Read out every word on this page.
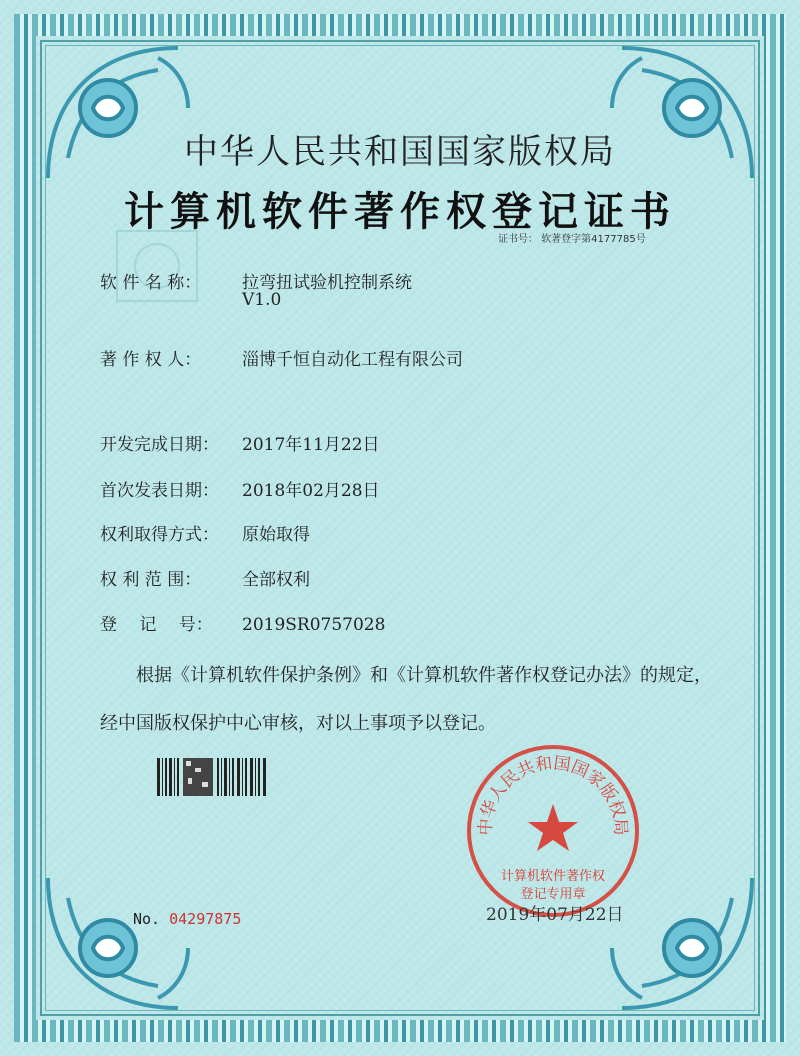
中华人民共和国国家版权局
计算机软件著作权登记证书
证书号： 软著登字第4177785号
软 件 名 称： 拉弯扭试验机控制系统
V1.0
著 作 权 人： 淄博千恒自动化工程有限公司
开发完成日期： 2017年11月22日
首次发表日期： 2018年02月28日
权利取得方式： 原始取得
权 利 范 围： 全部权利
登　 记　 号： 2019SR0757028
根据《计算机软件保护条例》和《计算机软件著作权登记办法》的规定，经中国版权保护中心审核，对以上事项予以登记。
No. 04297875
中华人民共和国国家版权局
计算机软件著作权
登记专用章
2019年07月22日
